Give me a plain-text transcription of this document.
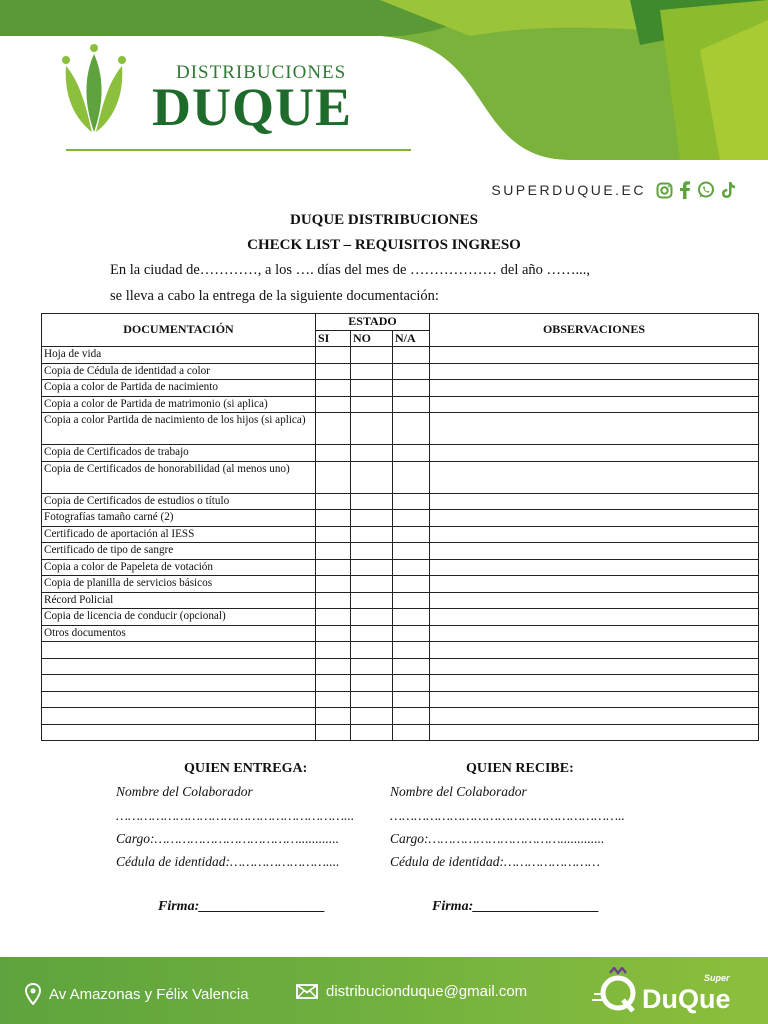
DISTRIBUCIONES
DUQUE
SUPERDUQUE.EC
DUQUE DISTRIBUCIONES
CHECK LIST – REQUISITOS INGRESO
En la ciudad de…………, a los …. días del mes de ……………… del año ……...,
se lleva a cabo la entrega de la siguiente documentación:
DOCUMENTACIÓN	ESTADO			OBSERVACIONES
	SI	NO	N/A	
Hoja de vida				
Copia de Cédula de identidad a color				
Copia a color de Partida de nacimiento				
Copia a color de Partida de matrimonio (si aplica)				
Copia a color Partida de nacimiento de los hijos (si aplica)				
Copia de Certificados de trabajo				
Copia de Certificados de honorabilidad (al menos uno)				
Copia de Certificados de estudios o título				
Fotografías tamaño carné (2)				
Certificado de aportación al IESS				
Certificado de tipo de sangre				
Copia a color de Papeleta de votación				
Copia de planilla de servicios básicos				
Récord Policial				
Copia de licencia de conducir (opcional)				
Otros documentos				

QUIEN ENTREGA:	QUIEN RECIBE:
Nombre del Colaborador	Nombre del Colaborador
…………………………………………………...	…………………………………………………..
Cargo:………………………………............	Cargo:…………………………….............
Cédula de identidad:……………………....	Cédula de identidad:……………………
Firma:__________________	Firma:__________________
Av Amazonas y Félix Valencia	distribucionduque@gmail.com
Super
DuQue
